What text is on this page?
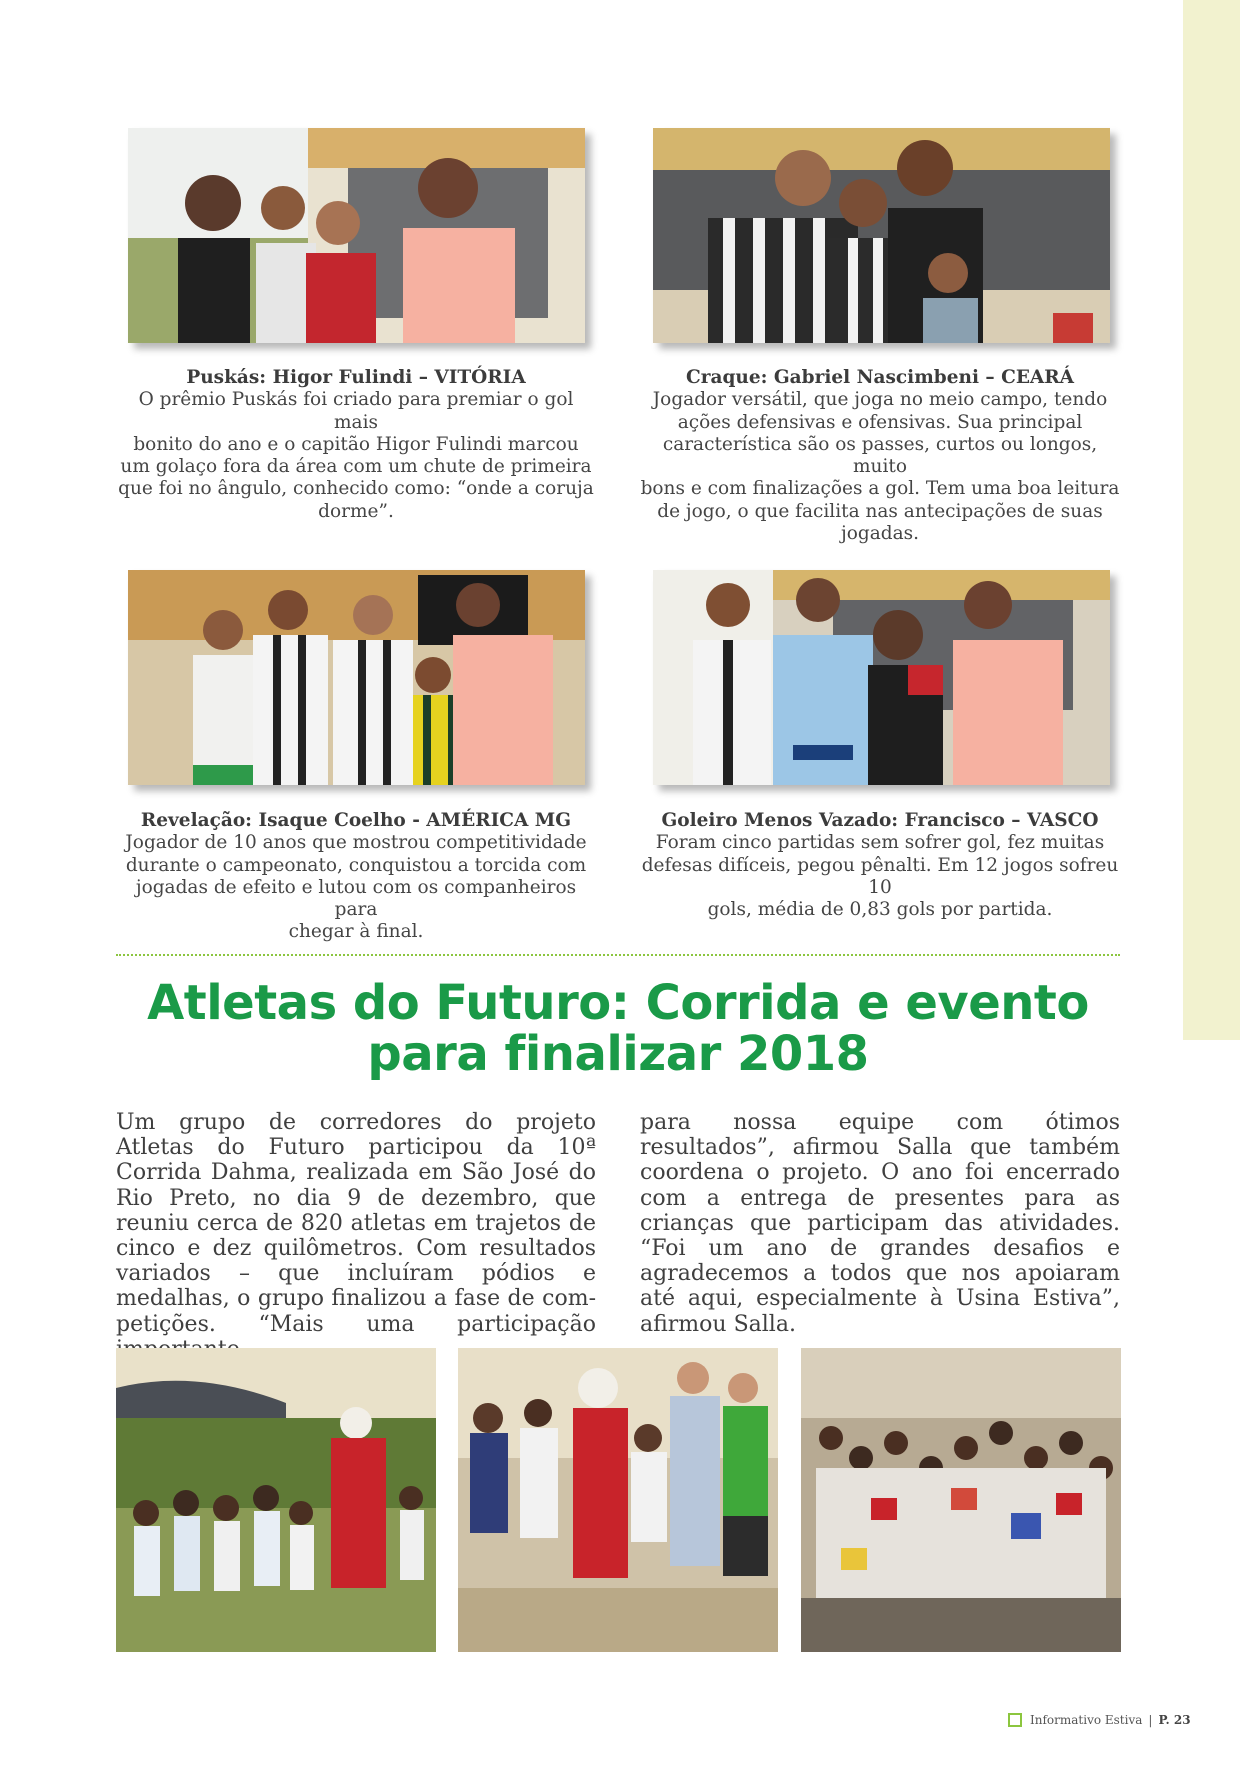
Puskás: Higor Fulindi – VITÓRIA
O prêmio Puskás foi criado para premiar o gol mais
bonito do ano e o capitão Higor Fulindi marcou
um golaço fora da área com um chute de primeira
que foi no ângulo, conhecido como: “onde a coruja
dorme”.
Craque: Gabriel Nascimbeni – CEARÁ
Jogador versátil, que joga no meio campo, tendo
ações defensivas e ofensivas. Sua principal
característica são os passes, curtos ou longos, muito
bons e com finalizações a gol. Tem uma boa leitura
de jogo, o que facilita nas antecipações de suas
jogadas.
Revelação: Isaque Coelho - AMÉRICA MG
Jogador de 10 anos que mostrou competitividade
durante o campeonato, conquistou a torcida com
jogadas de efeito e lutou com os companheiros para
chegar à final.
Goleiro Menos Vazado: Francisco – VASCO
Foram cinco partidas sem sofrer gol, fez muitas
defesas difíceis, pegou pênalti. Em 12 jogos sofreu 10
gols, média de 0,83 gols por partida.
Atletas do Futuro: Corrida e evento
para finalizar 2018
Um grupo de corredores do projeto Atletas do Futuro participou da 10ª Corrida Dahma, realizada em São José do Rio Preto, no dia 9 de dezembro, que reuniu cerca de 820 atletas em trajetos de cinco e dez quilômetros. Com resultados variados – que incluíram pódios e medalhas, o grupo finalizou a fase de competições. “Mais uma participação
para nossa equipe com ótimos resultados”, afirmou Salla que também coordena o projeto. O ano foi encerrado com a entrega de presentes para as crianças que participam das atividades. “Foi um ano de grandes desafios e agradecemos a todos que nos apoiaram até aqui, especialmente à Usina Estiva”, afirmou Salla.
Informativo Estiva | P. 23
